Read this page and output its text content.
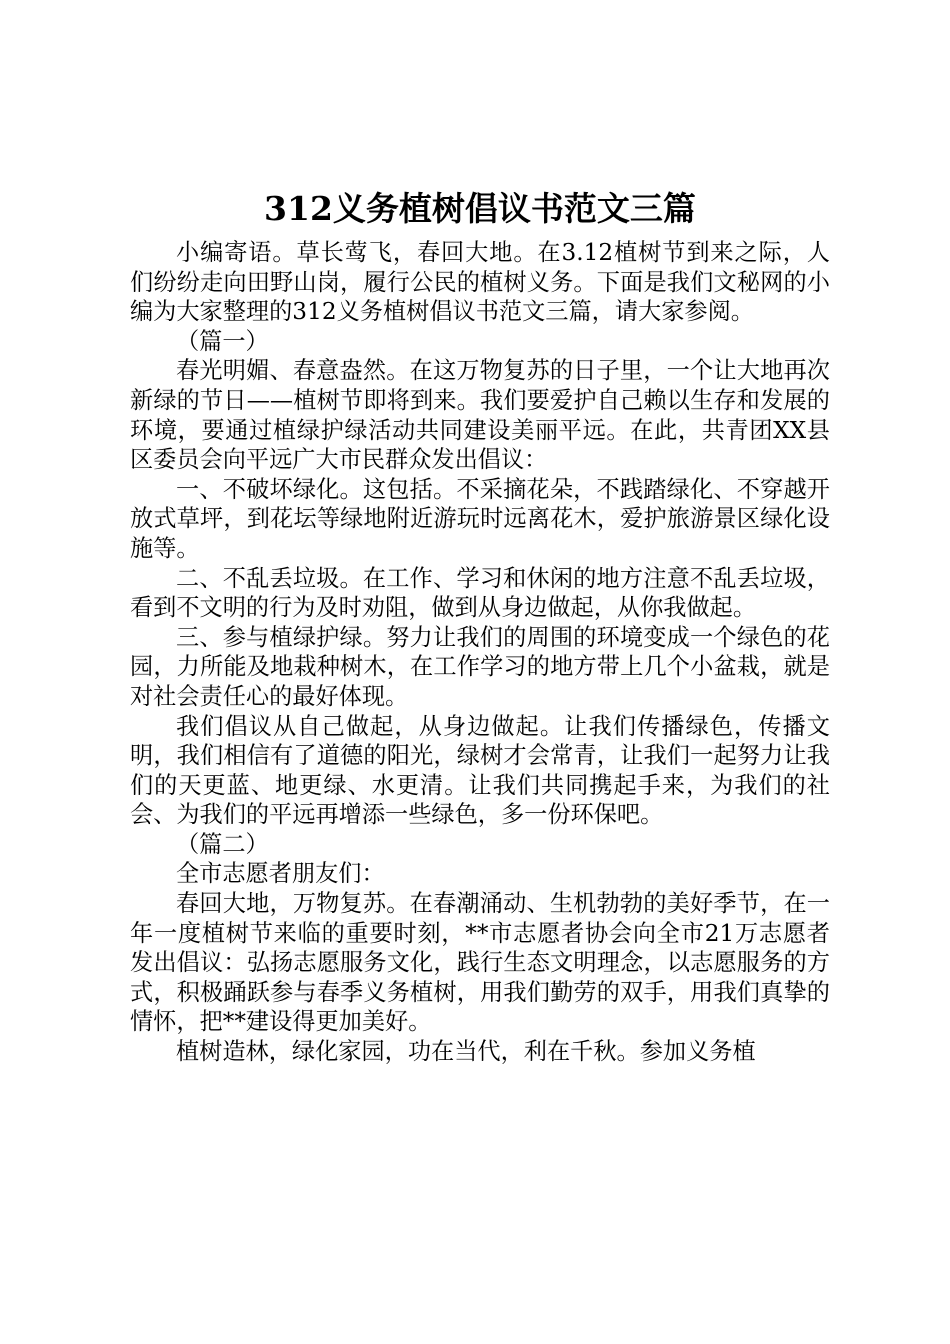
312义务植树倡议书范文三篇

小编寄语。草长莺飞，春回大地。在3.12植树节到来之际，人们纷纷走向田野山岗，履行公民的植树义务。下面是我们文秘网的小编为大家整理的312义务植树倡议书范文三篇，请大家参阅。

（篇一）

春光明媚、春意盎然。在这万物复苏的日子里，一个让大地再次新绿的节日——植树节即将到来。我们要爱护自己赖以生存和发展的环境，要通过植绿护绿活动共同建设美丽平远。在此，共青团XX县区委员会向平远广大市民群众发出倡议：

一、不破坏绿化。这包括。不采摘花朵，不践踏绿化、不穿越开放式草坪，到花坛等绿地附近游玩时远离花木，爱护旅游景区绿化设施等。

二、不乱丢垃圾。在工作、学习和休闲的地方注意不乱丢垃圾，看到不文明的行为及时劝阻，做到从身边做起，从你我做起。

三、参与植绿护绿。努力让我们的周围的环境变成一个绿色的花园，力所能及地栽种树木，在工作学习的地方带上几个小盆栽，就是对社会责任心的最好体现。

我们倡议从自己做起，从身边做起。让我们传播绿色，传播文明，我们相信有了道德的阳光，绿树才会常青，让我们一起努力让我们的天更蓝、地更绿、水更清。让我们共同携起手来，为我们的社会、为我们的平远再增添一些绿色，多一份环保吧。

（篇二）

全市志愿者朋友们：

春回大地，万物复苏。在春潮涌动、生机勃勃的美好季节，在一年一度植树节来临的重要时刻，**市志愿者协会向全市21万志愿者发出倡议：弘扬志愿服务文化，践行生态文明理念，以志愿服务的方式，积极踊跃参与春季义务植树，用我们勤劳的双手，用我们真挚的情怀，把**建设得更加美好。

植树造林，绿化家园，功在当代，利在千秋。参加义务植
